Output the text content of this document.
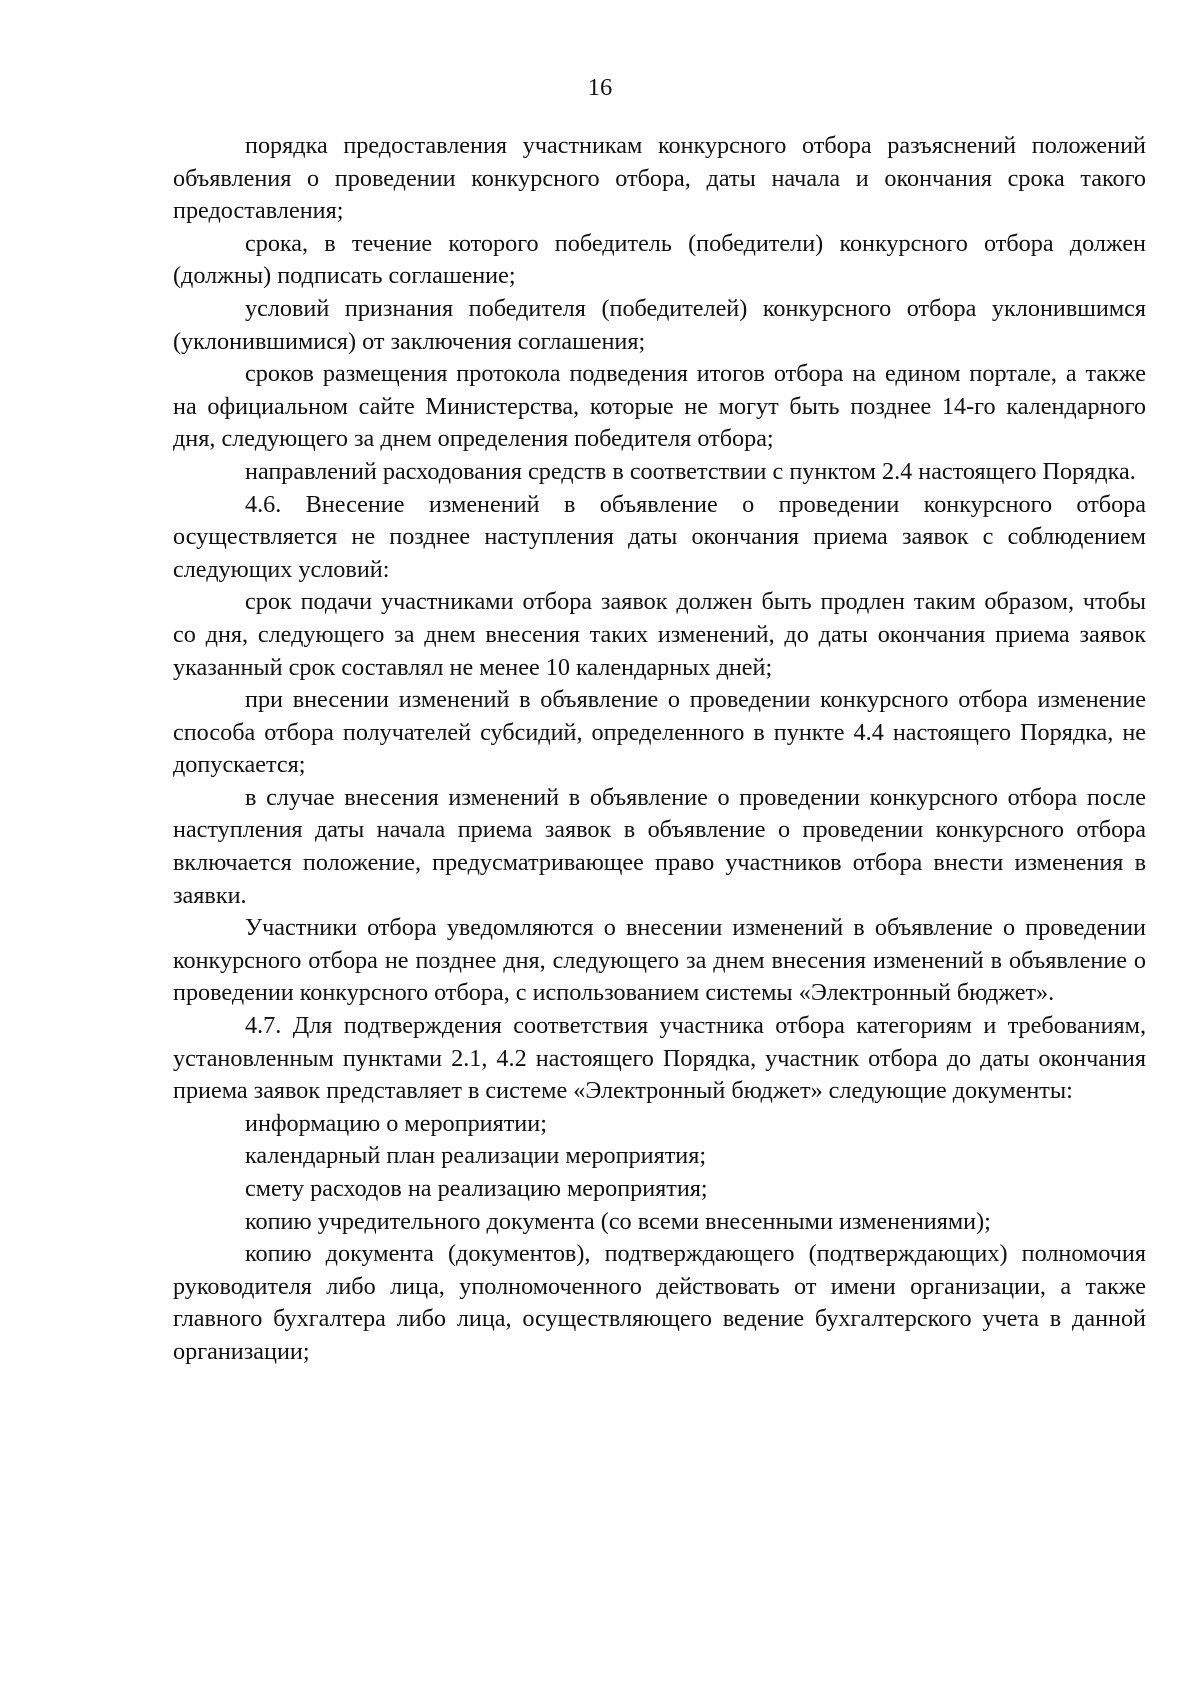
16

порядка предоставления участникам конкурсного отбора разъяснений положений объявления о проведении конкурсного отбора, даты начала и окончания срока такого предоставления;

срока, в течение которого победитель (победители) конкурсного отбора должен (должны) подписать соглашение;

условий признания победителя (победителей) конкурсного отбора уклонившимся (уклонившимися) от заключения соглашения;

сроков размещения протокола подведения итогов отбора на едином портале, а также на официальном сайте Министерства, которые не могут быть позднее 14-го календарного дня, следующего за днем определения победителя отбора;

направлений расходования средств в соответствии с пунктом 2.4 настоящего Порядка.

4.6. Внесение изменений в объявление о проведении конкурсного отбора осуществляется не позднее наступления даты окончания приема заявок с соблюдением следующих условий:

срок подачи участниками отбора заявок должен быть продлен таким образом, чтобы со дня, следующего за днем внесения таких изменений, до даты окончания приема заявок указанный срок составлял не менее 10 календарных дней;

при внесении изменений в объявление о проведении конкурсного отбора изменение способа отбора получателей субсидий, определенного в пункте 4.4 настоящего Порядка, не допускается;

в случае внесения изменений в объявление о проведении конкурсного отбора после наступления даты начала приема заявок в объявление о проведении конкурсного отбора включается положение, предусматривающее право участников отбора внести изменения в заявки.

Участники отбора уведомляются о внесении изменений в объявление о проведении конкурсного отбора не позднее дня, следующего за днем внесения изменений в объявление о проведении конкурсного отбора, с использованием системы «Электронный бюджет».

4.7. Для подтверждения соответствия участника отбора категориям и требованиям, установленным пунктами 2.1, 4.2 настоящего Порядка, участник отбора до даты окончания приема заявок представляет в системе «Электронный бюджет» следующие документы:

информацию о мероприятии;

календарный план реализации мероприятия;

смету расходов на реализацию мероприятия;

копию учредительного документа (со всеми внесенными изменениями);

копию документа (документов), подтверждающего (подтверждающих) полномочия руководителя либо лица, уполномоченного действовать от имени организации, а также главного бухгалтера либо лица, осуществляющего ведение бухгалтерского учета в данной организации;
